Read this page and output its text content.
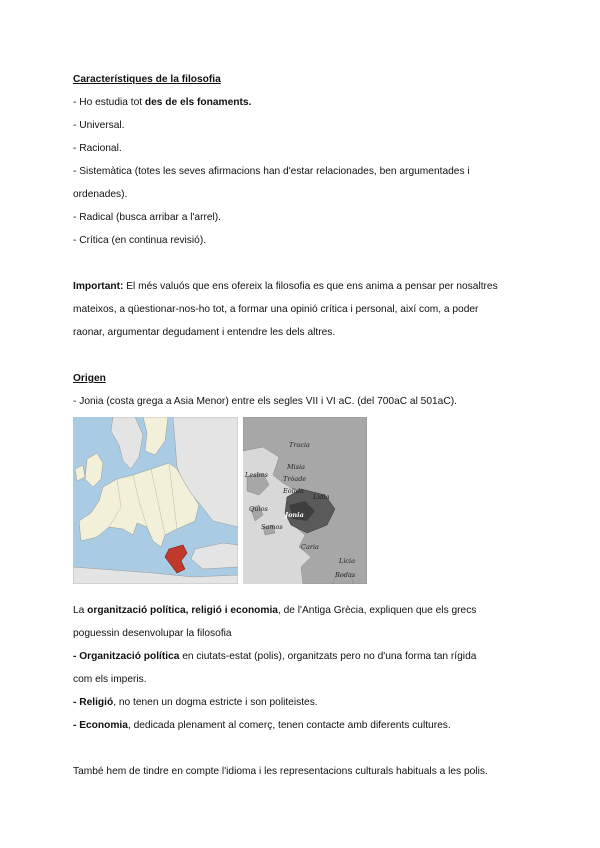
Característiques de la filosofia
- Ho estudia tot des de els fonaments.
- Universal.
- Racional.
- Sistemàtica (totes les seves afirmacions han d'estar relacionades, ben argumentades i
ordenades).
- Radical (busca arribar a l'arrel).
- Crítica (en continua revisió).
Important: El més valuós que ens ofereix la filosofia es que ens anima a pensar per nosaltres
mateixos, a qüestionar-nos-ho tot, a formar una opinió crítica i personal, així com, a poder
raonar, argumentar degudament i entendre les dels altres.
Origen
- Jonia (costa grega a Asia Menor) entre els segles VII i VI aC. (del 700aC al 501aC).
Tracia
Misia
Tròade
Lesbos
Eòlida
Lidia
Quios
Samos
Jonia
Caria
Licia
Rodas
La organització política, religió i economia, de l'Antiga Grècia, expliquen que els grecs
poguessin desenvolupar la filosofia
- Organització política en ciutats-estat (polis), organitzats pero no d'una forma tan rígida
com els imperis.
- Religió, no tenen un dogma estricte i son politeistes.
- Economia, dedicada plenament al comerç, tenen contacte amb diferents cultures.
També hem de tindre en compte l'idioma i les representacions culturals habituals a les polis.
